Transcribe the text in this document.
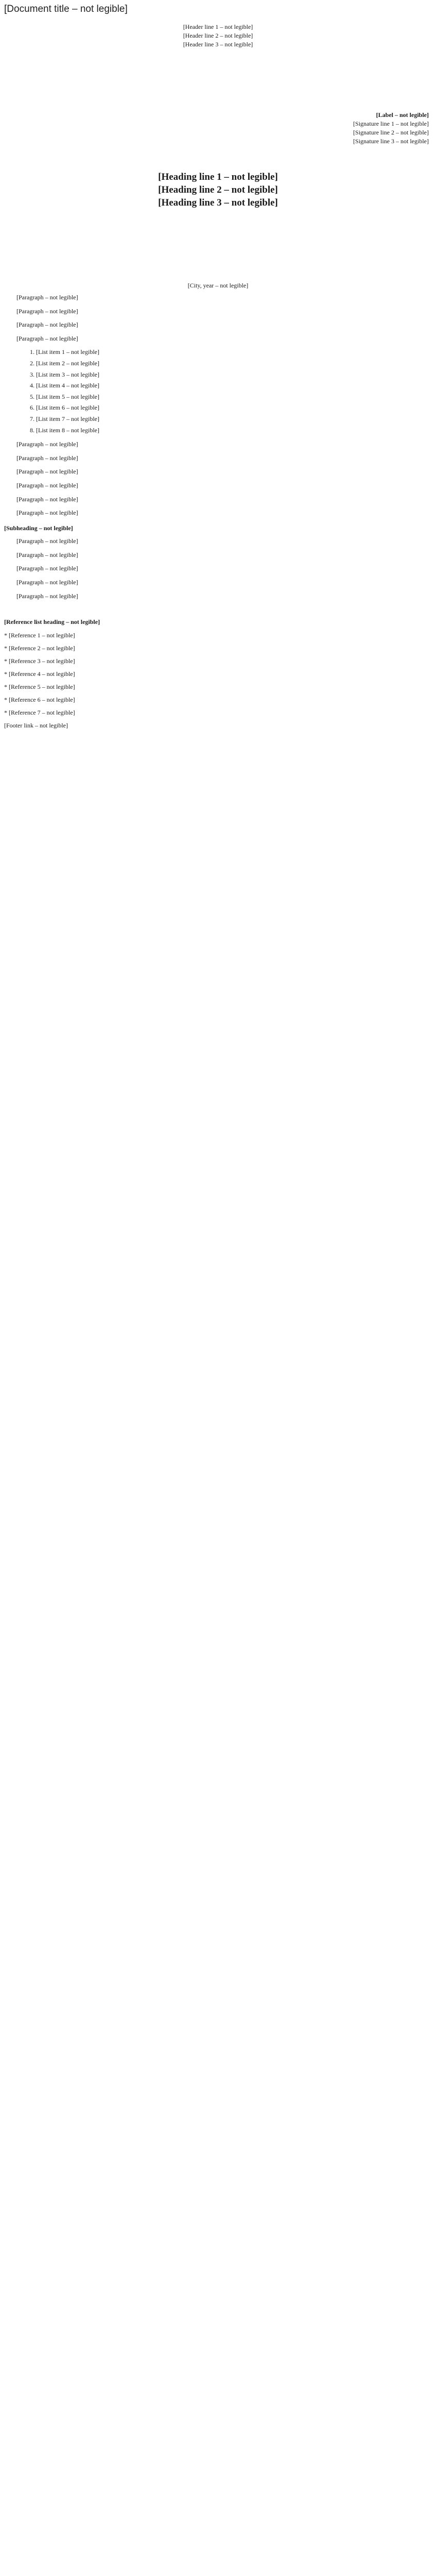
[Document title – not legible]
[Header line 1 – not legible]
[Header line 2 – not legible]
[Header line 3 – not legible]
[Label – not legible]
[Signature line 1 – not legible]
[Signature line 2 – not legible]
[Signature line 3 – not legible]
[Heading line 1 – not legible]
[Heading line 2 – not legible]
[Heading line 3 – not legible]
[City, year – not legible]

[Paragraph – not legible]

[Paragraph – not legible]

[Paragraph – not legible]

[Paragraph – not legible]

1. [List item 1 – not legible]
2. [List item 2 – not legible]
3. [List item 3 – not legible]
4. [List item 4 – not legible]
5. [List item 5 – not legible]
6. [List item 6 – not legible]
7. [List item 7 – not legible]
8. [List item 8 – not legible]

[Paragraph – not legible]

[Paragraph – not legible]

[Paragraph – not legible]

[Paragraph – not legible]

[Paragraph – not legible]

[Paragraph – not legible]

[Subheading – not legible]

[Paragraph – not legible]

[Paragraph – not legible]

[Paragraph – not legible]

[Paragraph – not legible]

[Paragraph – not legible]

[Reference list heading – not legible]
* [Reference 1 – not legible]
* [Reference 2 – not legible]
* [Reference 3 – not legible]
* [Reference 4 – not legible]
* [Reference 5 – not legible]
* [Reference 6 – not legible]
* [Reference 7 – not legible]
[Footer link – not legible]
